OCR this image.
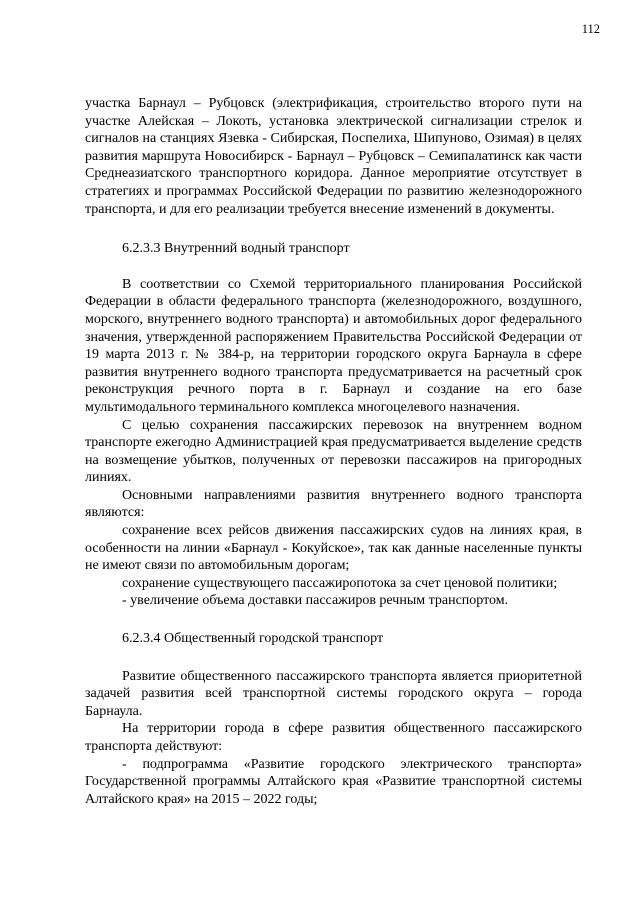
112

участка Барнаул – Рубцовск (электрификация, строительство второго пути на участке Алейская – Локоть, установка электрической сигнализации стрелок и сигналов на станциях Язевка - Сибирская, Поспелиха, Шипуново, Озимая) в целях развития маршрута Новосибирск - Барнаул – Рубцовск – Семипалатинск как части Среднеазиатского транспортного коридора. Данное мероприятие отсутствует в стратегиях и программах Российской Федерации по развитию железнодорожного транспорта, и для его реализации требуется внесение изменений в документы.

6.2.3.3 Внутренний водный транспорт

В соответствии со Схемой территориального планирования Российской Федерации в области федерального транспорта (железнодорожного, воздушного, морского, внутреннего водного транспорта) и автомобильных дорог федерального значения, утвержденной распоряжением Правительства Российской Федерации от 19 марта 2013 г. № 384-р, на территории городского округа Барнаула в сфере развития внутреннего водного транспорта предусматривается на расчетный срок реконструкция речного порта в г. Барнаул и создание на его базе мультимодального терминального комплекса многоцелевого назначения.

С целью сохранения пассажирских перевозок на внутреннем водном транспорте ежегодно Администрацией края предусматривается выделение средств на возмещение убытков, полученных от перевозки пассажиров на пригородных линиях.

Основными направлениями развития внутреннего водного транспорта являются:

сохранение всех рейсов движения пассажирских судов на линиях края, в особенности на линии «Барнаул - Кокуйское», так как данные населенные пункты не имеют связи по автомобильным дорогам;

сохранение существующего пассажиропотока за счет ценовой политики;

- увеличение объема доставки пассажиров речным транспортом.

6.2.3.4 Общественный городской транспорт

Развитие общественного пассажирского транспорта является приоритетной задачей развития всей транспортной системы городского округа – города Барнаула.

На территории города в сфере развития общественного пассажирского транспорта действуют:

- подпрограмма «Развитие городского электрического транспорта» Государственной программы Алтайского края «Развитие транспортной системы Алтайского края» на 2015 – 2022 годы;
